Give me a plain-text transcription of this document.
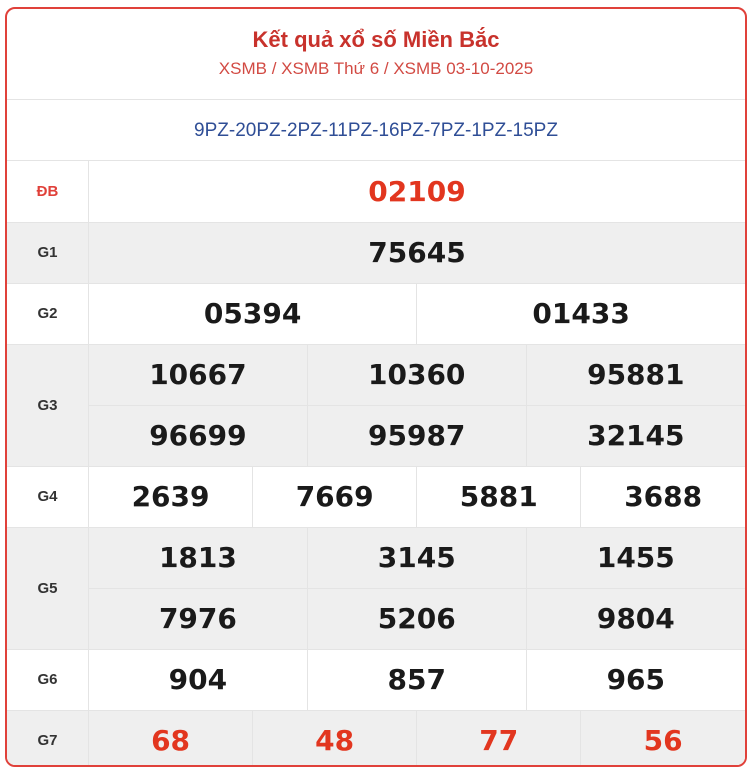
Kết quả xổ số Miền Bắc
XSMB / XSMB Thứ 6 / XSMB 03-10-2025
9PZ-20PZ-2PZ-11PZ-16PZ-7PZ-1PZ-15PZ
ĐB	02109					
G1	75645					
G2	05394			01433		
G3	10667		10360		95881	
	96699		95987		32145	
G4	2639	7669		5881		3688
G5	1813		3145		1455	
	7976		5206		9804	
G6	904		857		965	
G7	68	48		77		56
